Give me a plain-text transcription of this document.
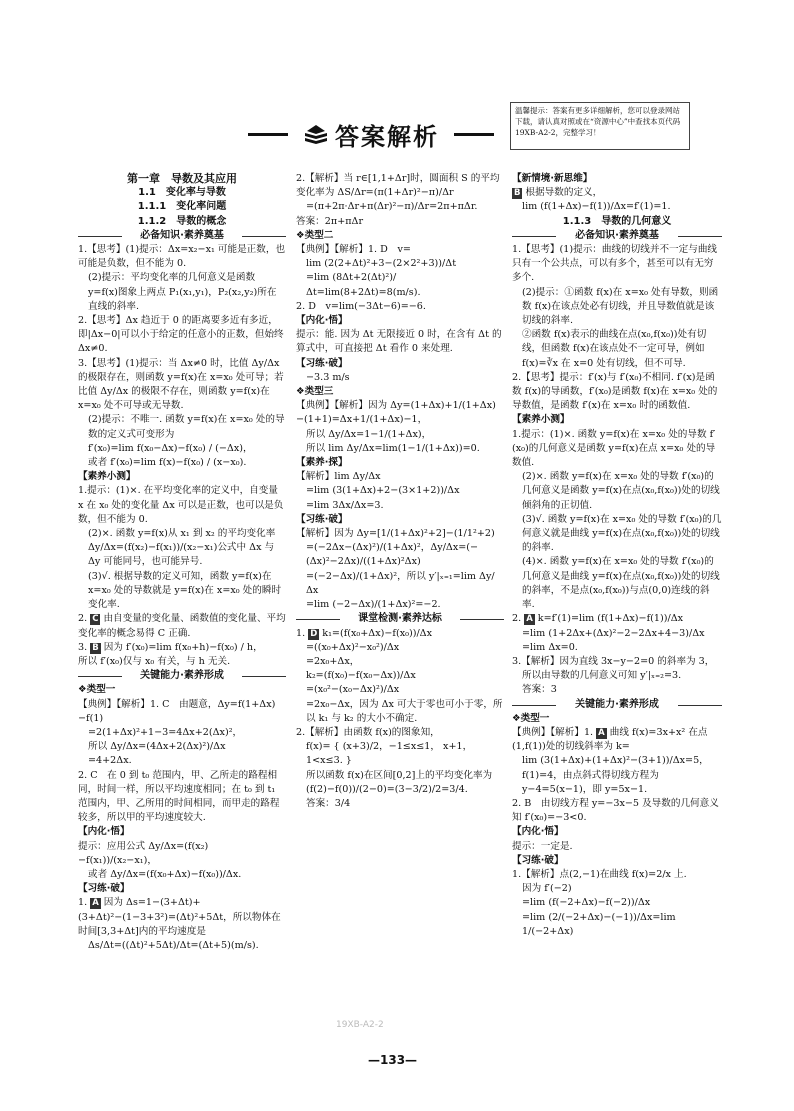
答案解析
温馨提示：答案有更多详细解析，您可以登录网站下载，请认真对照或在“资源中心”中查找本页代码 19XB-A2-2，完整学习！

第一章　导数及其应用

1.1　变化率与导数

1.1.1　变化率问题

1.1.2　导数的概念

必备知识·素养奠基

1.【思考】(1)提示：Δx=x₂−x₁ 可能是正数，也可能是负数，但不能为 0.

(2)提示：平均变化率的几何意义是函数 y=f(x)图象上两点 P₁(x₁,y₁)，P₂(x₂,y₂)所在直线的斜率.

2.【思考】Δx 趋近于 0 的距离要多近有多近，即|Δx−0|可以小于给定的任意小的正数，但始终 Δx≠0.

3.【思考】(1)提示：当 Δx≠0 时，比值 Δy/Δx 的极限存在，则函数 y=f(x)在 x=x₀ 处可导；若比值 Δy/Δx 的极限不存在，则函数 y=f(x)在 x=x₀ 处不可导或无导数.

(2)提示：不唯一. 函数 y=f(x)在 x=x₀ 处的导数的定义式可变形为

f′(x₀)=lim f(x₀−Δx)−f(x₀) / (−Δx)，

或者 f′(x₀)=lim f(x)−f(x₀) / (x−x₀).

【素养小测】

1.提示：(1)×. 在平均变化率的定义中，自变量 x 在 x₀ 处的变化量 Δx 可以是正数，也可以是负数，但不能为 0.

(2)×. 函数 y=f(x)从 x₁ 到 x₂ 的平均变化率 Δy/Δx=(f(x₂)−f(x₁))/(x₂−x₁)公式中 Δx 与 Δy 可能同号，也可能异号.

(3)√. 根据导数的定义可知，函数 y=f(x)在 x=x₀ 处的导数就是 y=f(x)在 x=x₀ 处的瞬时变化率.

2. C 由自变量的变化量、函数值的变化量、平均变化率的概念易得 C 正确.

3. B 因为 f′(x₀)=lim f(x₀+h)−f(x₀) / h，

所以 f′(x₀)仅与 x₀ 有关，与 h 无关.

关键能力·素养形成

❖类型一

【典例】【解析】1. C　由题意，Δy=f(1+Δx)−f(1)

=2(1+Δx)²+1−3=4Δx+2(Δx)²，

所以 Δy/Δx=(4Δx+2(Δx)²)/Δx

=4+2Δx.

2. C　在 0 到 t₀ 范围内，甲、乙所走的路程相同，时间一样，所以平均速度相同；在 t₀ 到 t₁ 范围内，甲、乙所用的时间相同，而甲走的路程较多，所以甲的平均速度较大.

【内化·悟】

提示：应用公式 Δy/Δx=(f(x₂)−f(x₁))/(x₂−x₁)，

或者 Δy/Δx=(f(x₀+Δx)−f(x₀))/Δx.

【习练·破】

1. A 因为 Δs=1−(3+Δt)+(3+Δt)²−(1−3+3²)=(Δt)²+5Δt，所以物体在时间[3,3+Δt]内的平均速度是

Δs/Δt=((Δt)²+5Δt)/Δt=(Δt+5)(m/s).

2.【解析】当 r∈[1,1+Δr]时，圆面积 S 的平均变化率为 ΔS/Δr=(π(1+Δr)²−π)/Δr

=(π+2π·Δr+π(Δr)²−π)/Δr=2π+πΔr.

答案：2π+πΔr

❖类型二

【典例】【解析】1. D　v=

lim (2(2+Δt)²+3−(2×2²+3))/Δt

=lim (8Δt+2(Δt)²)/Δt=lim(8+2Δt)=8(m/s).

2. D　v=lim(−3Δt−6)=−6.

【内化·悟】

提示：能. 因为 Δt 无限接近 0 时，在含有 Δt 的算式中，可直接把 Δt 看作 0 来处理.

【习练·破】

−3.3 m/s

❖类型三

【典例】【解析】因为 Δy=(1+Δx)+1/(1+Δx)−(1+1)=Δx+1/(1+Δx)−1，

所以 Δy/Δx=1−1/(1+Δx)，

所以 lim Δy/Δx=lim(1−1/(1+Δx))=0.

【素养·探】

【解析】lim Δy/Δx

=lim (3(1+Δx)+2−(3×1+2))/Δx

=lim 3Δx/Δx=3.

【习练·破】

【解析】因为 Δy=[1/(1+Δx)²+2]−(1/1²+2)

=(−2Δx−(Δx)²)/(1+Δx)²，Δy/Δx=(−(Δx)²−2Δx)/((1+Δx)²Δx)

=(−2−Δx)/(1+Δx)²，所以 y′|ₓ₌₁=lim Δy/Δx

=lim (−2−Δx)/(1+Δx)²=−2.

课堂检测·素养达标

1. D k₁=(f(x₀+Δx)−f(x₀))/Δx

=((x₀+Δx)²−x₀²)/Δx

=2x₀+Δx，

k₂=(f(x₀)−f(x₀−Δx))/Δx

=(x₀²−(x₀−Δx)²)/Δx

=2x₀−Δx，因为 Δx 可大于零也可小于零，所以 k₁ 与 k₂ 的大小不确定.

2.【解析】由函数 f(x)的图象知，

f(x)= { (x+3)/2，−1≤x≤1， x+1，1<x≤3. }

所以函数 f(x)在区间[0,2]上的平均变化率为 (f(2)−f(0))/(2−0)=(3−3/2)/2=3/4.

答案：3/4

【新情境·新思维】

B 根据导数的定义，

lim (f(1+Δx)−f(1))/Δx=f′(1)=1.

1.1.3　导数的几何意义

必备知识·素养奠基

1.【思考】(1)提示：曲线的切线并不一定与曲线只有一个公共点，可以有多个，甚至可以有无穷多个.

(2)提示：①函数 f(x)在 x=x₀ 处有导数，则函数 f(x)在该点处必有切线，并且导数值就是该切线的斜率.

②函数 f(x)表示的曲线在点(x₀,f(x₀))处有切线，但函数 f(x)在该点处不一定可导，例如 f(x)=∛x 在 x=0 处有切线，但不可导.

2.【思考】提示：f′(x)与 f′(x₀)不相同. f′(x)是函数 f(x)的导函数，f′(x₀)是函数 f(x)在 x=x₀ 处的导数值，是函数 f′(x)在 x=x₀ 时的函数值.

【素养小测】

1.提示：(1)×. 函数 y=f(x)在 x=x₀ 处的导数 f′(x₀)的几何意义是函数 y=f(x)在点 x=x₀ 处的导数值.

(2)×. 函数 y=f(x)在 x=x₀ 处的导数 f′(x₀)的几何意义是函数 y=f(x)在点(x₀,f(x₀))处的切线倾斜角的正切值.

(3)√. 函数 y=f(x)在 x=x₀ 处的导数 f′(x₀)的几何意义就是曲线 y=f(x)在点(x₀,f(x₀))处的切线的斜率.

(4)×. 函数 y=f(x)在 x=x₀ 处的导数 f′(x₀)的几何意义是曲线 y=f(x)在点(x₀,f(x₀))处的切线的斜率，不是点(x₀,f(x₀))与点(0,0)连线的斜率.

2. A k=f′(1)=lim (f(1+Δx)−f(1))/Δx

=lim (1+2Δx+(Δx)²−2−2Δx+4−3)/Δx

=lim Δx=0.

3.【解析】因为直线 3x−y−2=0 的斜率为 3，

所以由导数的几何意义可知 y′|ₓ₌₂=3.

答案：3

关键能力·素养形成

❖类型一

【典例】【解析】1. A 曲线 f(x)=3x+x² 在点(1,f(1))处的切线斜率为 k=

lim (3(1+Δx)+(1+Δx)²−(3+1))/Δx=5，

f(1)=4，由点斜式得切线方程为 y−4=5(x−1)，即 y=5x−1.

2. B　由切线方程 y=−3x−5 及导数的几何意义知 f′(x₀)=−3<0.

【内化·悟】

提示：一定是.

【习练·破】

1.【解析】点(2,−1)在曲线 f(x)=2/x 上.

因为 f′(−2)

=lim (f(−2+Δx)−f(−2))/Δx

=lim (2/(−2+Δx)−(−1))/Δx=lim 1/(−2+Δx)

19XB-A2-2
—133—
